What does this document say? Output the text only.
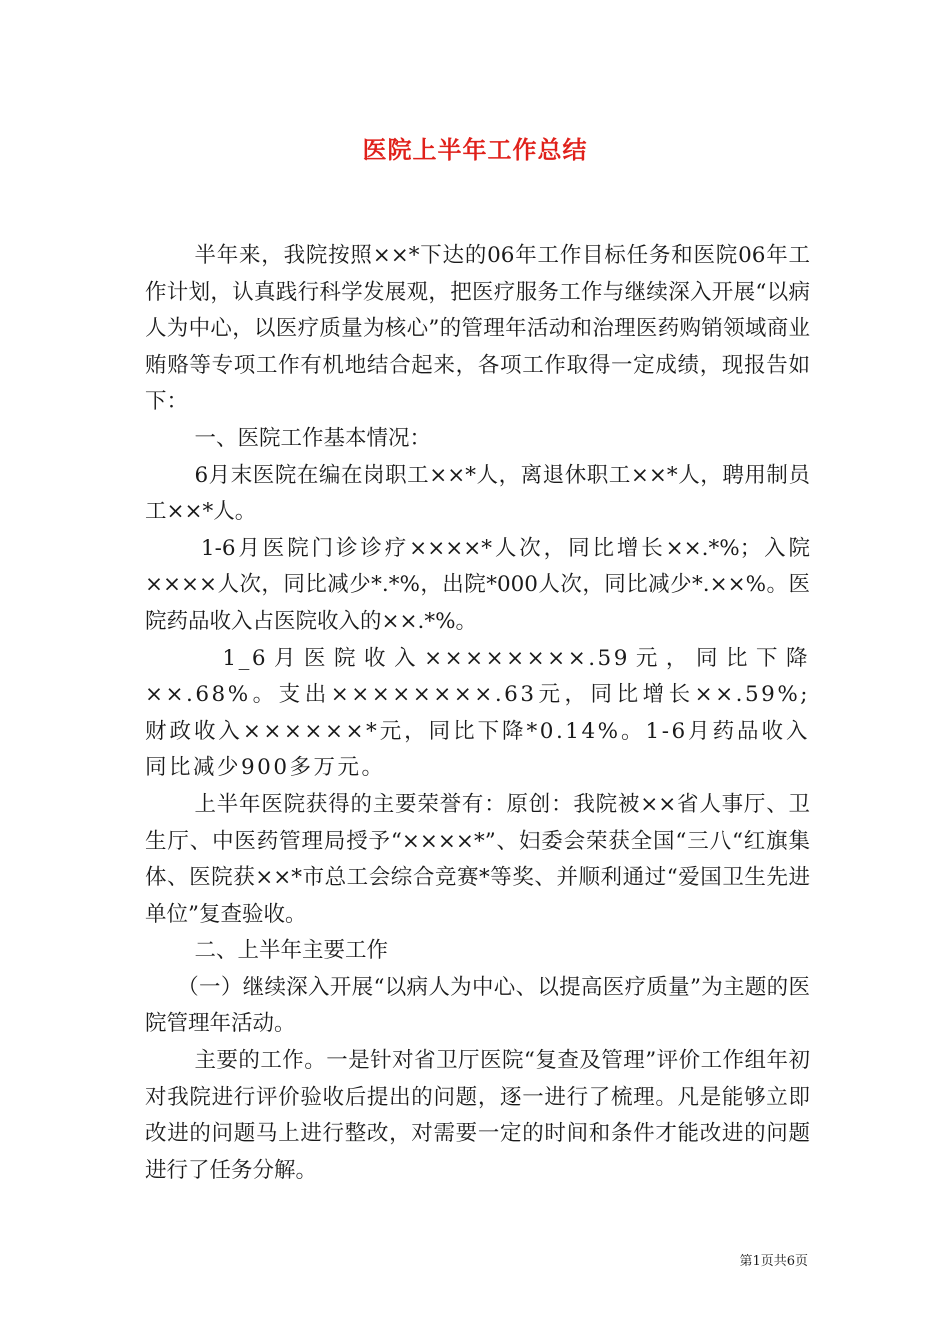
医院上半年工作总结

半年来，我院按照××*下达的06年工作目标任务和医院06年工作计划，认真践行科学发展观，把医疗服务工作与继续深入开展“以病人为中心，以医疗质量为核心”的管理年活动和治理医药购销领域商业贿赂等专项工作有机地结合起来，各项工作取得一定成绩，现报告如下：

一、医院工作基本情况：

6月末医院在编在岗职工××*人，离退休职工××*人，聘用制员工××*人。

1-6月医院门诊诊疗××××*人次，同比增长××.*%；入院××××人次，同比减少*.*%，出院*000人次，同比减少*.××%。医院药品收入占医院收入的××.*%。

1_6月医院收入××××××××.59元，同比下降××.68%。支出××××××××.63元，同比增长××.59%;财政收入××××××*元，同比下降*0.14%。1-6月药品收入同比减少900多万元。

上半年医院获得的主要荣誉有：原创：我院被××省人事厅、卫生厅、中医药管理局授予“××××*”、妇委会荣获全国“三八“红旗集体、医院获××*市总工会综合竞赛*等奖、并顺利通过“爱国卫生先进单位”复查验收。

二、上半年主要工作

（一）继续深入开展“以病人为中心、以提高医疗质量”为主题的医院管理年活动。

主要的工作。一是针对省卫厅医院“复查及管理”评价工作组年初对我院进行评价验收后提出的问题，逐一进行了梳理。凡是能够立即改进的问题马上进行整改，对需要一定的时间和条件才能改进的问题进行了任务分解。

第1页共6页
